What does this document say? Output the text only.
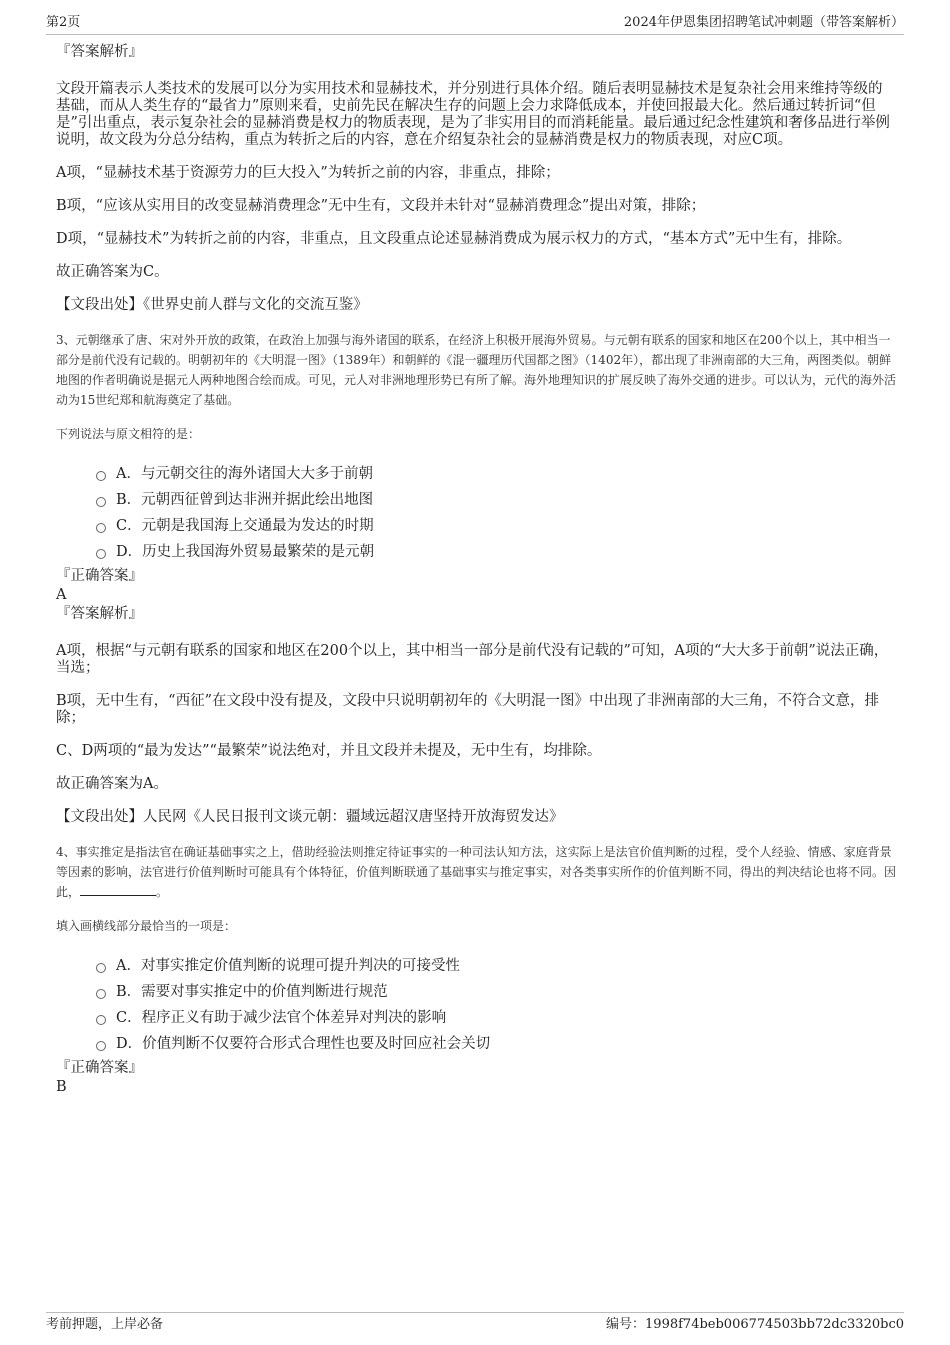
第2页	2024年伊恩集团招聘笔试冲刺题（带答案解析）

『答案解析』

文段开篇表示人类技术的发展可以分为实用技术和显赫技术，并分别进行具体介绍。随后表明显赫技术是复杂社会用来维持等级的基础，而从人类生存的“最省力”原则来看，史前先民在解决生存的问题上会力求降低成本，并使回报最大化。然后通过转折词“但是”引出重点，表示复杂社会的显赫消费是权力的物质表现，是为了非实用目的而消耗能量。最后通过纪念性建筑和奢侈品进行举例说明，故文段为分总分结构，重点为转折之后的内容，意在介绍复杂社会的显赫消费是权力的物质表现，对应C项。

A项，“显赫技术基于资源劳力的巨大投入”为转折之前的内容，非重点，排除；

B项，“应该从实用目的改变显赫消费理念”无中生有，文段并未针对“显赫消费理念”提出对策，排除；

D项，“显赫技术”为转折之前的内容，非重点，且文段重点论述显赫消费成为展示权力的方式，“基本方式”无中生有，排除。

故正确答案为C。

【文段出处】《世界史前人群与文化的交流互鉴》

3、元朝继承了唐、宋对外开放的政策，在政治上加强与海外诸国的联系，在经济上积极开展海外贸易。与元朝有联系的国家和地区在200个以上，其中相当一部分是前代没有记载的。明朝初年的《大明混一图》（1389年）和朝鲜的《混一疆理历代国都之图》（1402年），都出现了非洲南部的大三角，两图类似。朝鲜地图的作者明确说是据元人两种地图合绘而成。可见，元人对非洲地理形势已有所了解。海外地理知识的扩展反映了海外交通的进步。可以认为，元代的海外活动为15世纪郑和航海奠定了基础。

下列说法与原文相符的是：

A．与元朝交往的海外诸国大大多于前朝
B．元朝西征曾到达非洲并据此绘出地图
C．元朝是我国海上交通最为发达的时期
D．历史上我国海外贸易最繁荣的是元朝

『正确答案』

A

『答案解析』

A项，根据“与元朝有联系的国家和地区在200个以上，其中相当一部分是前代没有记载的”可知，A项的“大大多于前朝”说法正确，当选；

B项，无中生有，“西征”在文段中没有提及，文段中只说明朝初年的《大明混一图》中出现了非洲南部的大三角，不符合文意，排除；

C、D两项的“最为发达”“最繁荣”说法绝对，并且文段并未提及，无中生有，均排除。

故正确答案为A。

【文段出处】人民网《人民日报刊文谈元朝：疆域远超汉唐坚持开放海贸发达》

4、事实推定是指法官在确证基础事实之上，借助经验法则推定待证事实的一种司法认知方法，这实际上是法官价值判断的过程，受个人经验、情感、家庭背景等因素的影响，法官进行价值判断时可能具有个体特征，价值判断联通了基础事实与推定事实，对各类事实所作的价值判断不同，得出的判决结论也将不同。因此，	。

填入画横线部分最恰当的一项是：

A．对事实推定价值判断的说理可提升判决的可接受性
B．需要对事实推定中的价值判断进行规范
C．程序正义有助于减少法官个体差异对判决的影响
D．价值判断不仅要符合形式合理性也要及时回应社会关切

『正确答案』

B

考前押题，上岸必备	编号：1998f74beb006774503bb72dc3320bc0
